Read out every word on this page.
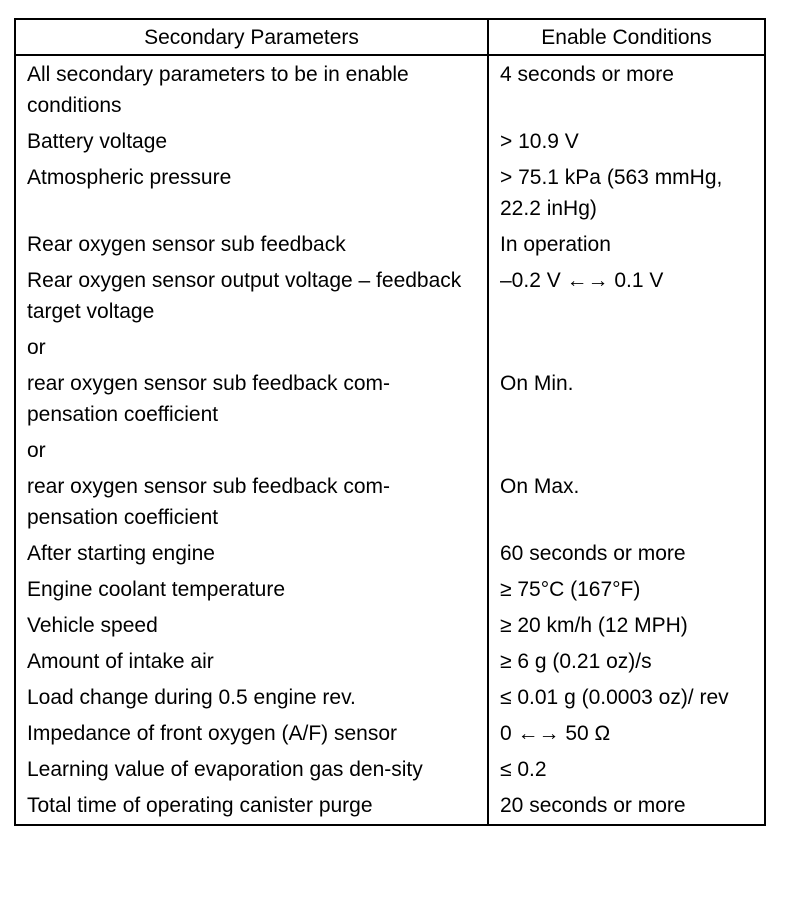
Secondary Parameters	Enable Conditions
All secondary parameters to be in enable conditions	4 seconds or more
Battery voltage	> 10.9 V
Atmospheric pressure	> 75.1 kPa (563 mmHg, 22.2 inHg)
Rear oxygen sensor sub feedback	In operation
Rear oxygen sensor output voltage – feedback target voltage	–0.2 V ←→ 0.1 V
or	
rear oxygen sensor sub feedback com-pensation coefficient	On Min.
or	
rear oxygen sensor sub feedback com-pensation coefficient	On Max.
After starting engine	60 seconds or more
Engine coolant temperature	≥ 75°C (167°F)
Vehicle speed	≥ 20 km/h (12 MPH)
Amount of intake air	≥ 6 g (0.21 oz)/s
Load change during 0.5 engine rev.	≤ 0.01 g (0.0003 oz)/ rev
Impedance of front oxygen (A/F) sensor	0 ←→ 50 Ω
Learning value of evaporation gas den-sity	≤ 0.2
Total time of operating canister purge	20 seconds or more
